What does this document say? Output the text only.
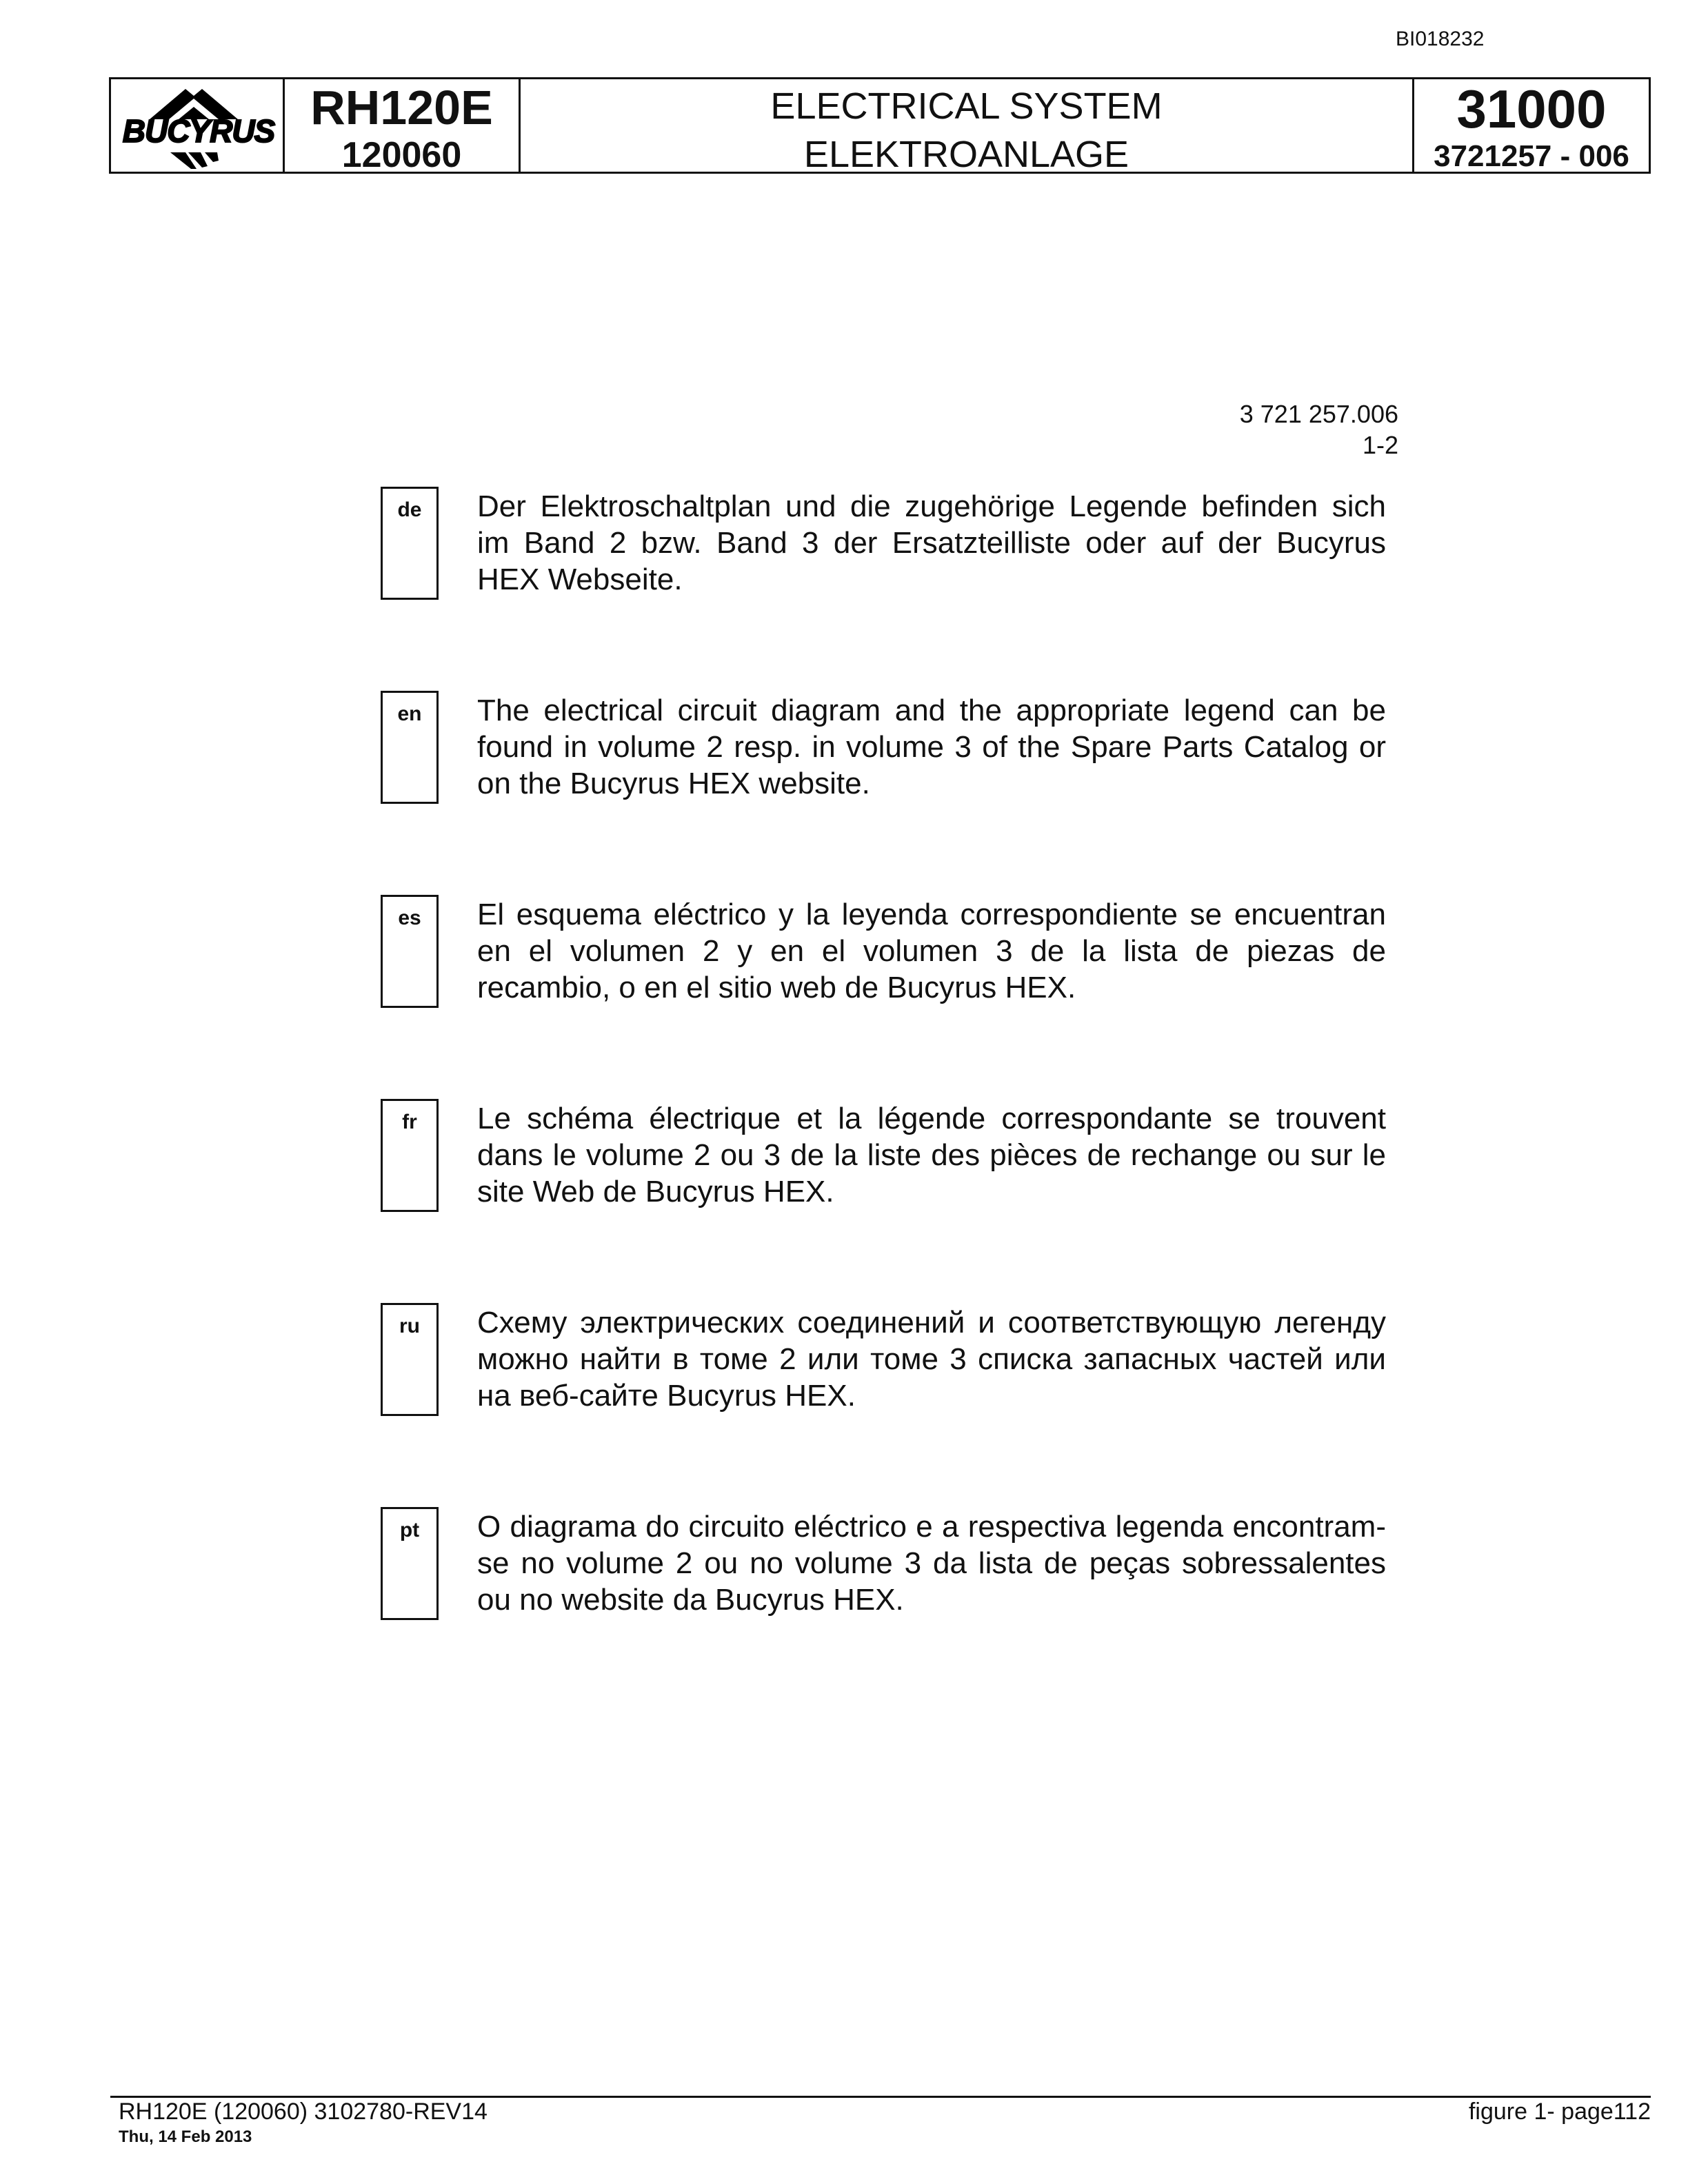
BI018232
BUCYRUS RH120E
120060
ELECTRICAL SYSTEM
ELEKTROANLAGE
31000
3721257 - 006
3 721 257.006
1-2
de	Der Elektroschaltplan und die zugehörige Legende befinden sich im Band 2 bzw. Band 3 der Ersatzteilliste oder auf der Bucyrus HEX Webseite.
en	The electrical circuit diagram and the appropriate legend can be found in volume 2 resp. in volume 3 of the Spare Parts Catalog or on the Bucyrus HEX website.
es	El esquema eléctrico y la leyenda correspondiente se encuentran en el volumen 2 y en el volumen 3 de la lista de piezas de recambio, o en el sitio web de Bucyrus HEX.
fr	Le schéma électrique et la légende correspondante se trouvent dans le volume 2 ou 3 de la liste des pièces de rechange ou sur le site Web de Bucyrus HEX.
ru	Схему электрических соединений и соответствующую легенду можно найти в томе 2 или томе 3 списка запасных частей или на веб-сайте Bucyrus HEX.
pt	O diagrama do circuito eléctrico e a respectiva legenda encontram-se no volume 2 ou no volume 3 da lista de peças sobressalentes ou no website da Bucyrus HEX.
RH120E (120060) 3102780-REV14
Thu, 14 Feb 2013
figure 1- page112
